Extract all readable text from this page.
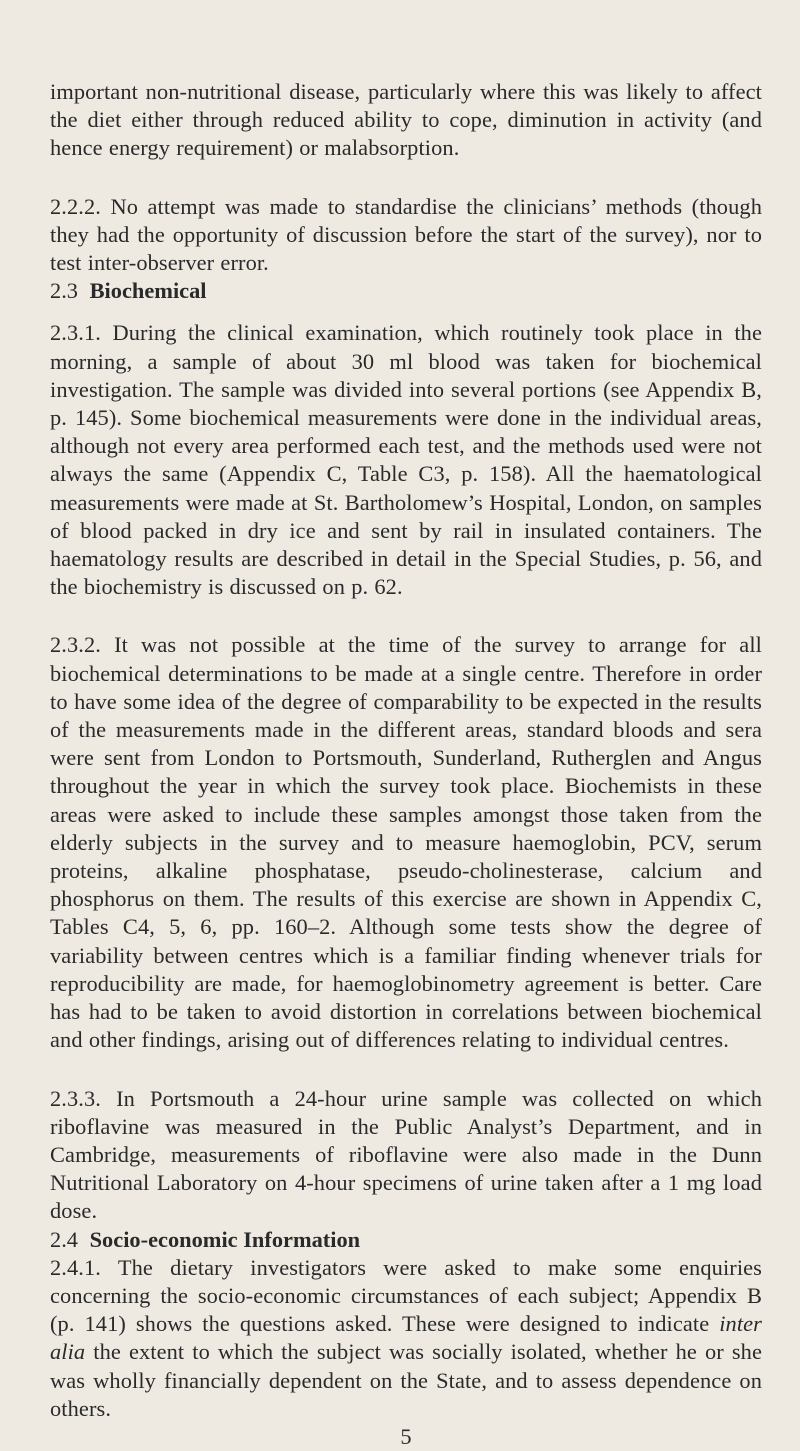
important non-nutritional disease, particularly where this was likely to affect the diet either through reduced ability to cope, diminution in activity (and hence energy requirement) or malabsorption.

2.2.2. No attempt was made to standardise the clinicians’ methods (though they had the opportunity of discussion before the start of the survey), nor to test inter-observer error.

2.3 Biochemical

2.3.1. During the clinical examination, which routinely took place in the morning, a sample of about 30 ml blood was taken for biochemical investigation. The sample was divided into several portions (see Appendix B, p. 145). Some biochemical measurements were done in the individual areas, although not every area performed each test, and the methods used were not always the same (Appendix C, Table C3, p. 158). All the haematological measurements were made at St. Bartholomew’s Hospital, London, on samples of blood packed in dry ice and sent by rail in insulated containers. The haematology results are described in detail in the Special Studies, p. 56, and the biochemistry is discussed on p. 62.

2.3.2. It was not possible at the time of the survey to arrange for all biochemical determinations to be made at a single centre. Therefore in order to have some idea of the degree of comparability to be expected in the results of the measurements made in the different areas, standard bloods and sera were sent from London to Portsmouth, Sunderland, Rutherglen and Angus throughout the year in which the survey took place. Biochemists in these areas were asked to include these samples amongst those taken from the elderly subjects in the survey and to measure haemoglobin, PCV, serum proteins, alkaline phosphatase, pseudo-cholinesterase, calcium and phosphorus on them. The results of this exercise are shown in Appendix C, Tables C4, 5, 6, pp. 160–2. Although some tests show the degree of variability between centres which is a familiar finding whenever trials for reproducibility are made, for haemoglobinometry agreement is better. Care has had to be taken to avoid distortion in correlations between biochemical and other findings, arising out of differences relating to individual centres.

2.3.3. In Portsmouth a 24-hour urine sample was collected on which riboflavine was measured in the Public Analyst’s Department, and in Cambridge, measurements of riboflavine were also made in the Dunn Nutritional Laboratory on 4-hour specimens of urine taken after a 1 mg load dose.

2.4 Socio-economic Information

2.4.1. The dietary investigators were asked to make some enquiries concerning the socio-economic circumstances of each subject; Appendix B (p. 141) shows the questions asked. These were designed to indicate inter alia the extent to which the subject was socially isolated, whether he or she was wholly financially dependent on the State, and to assess dependence on others.

5
